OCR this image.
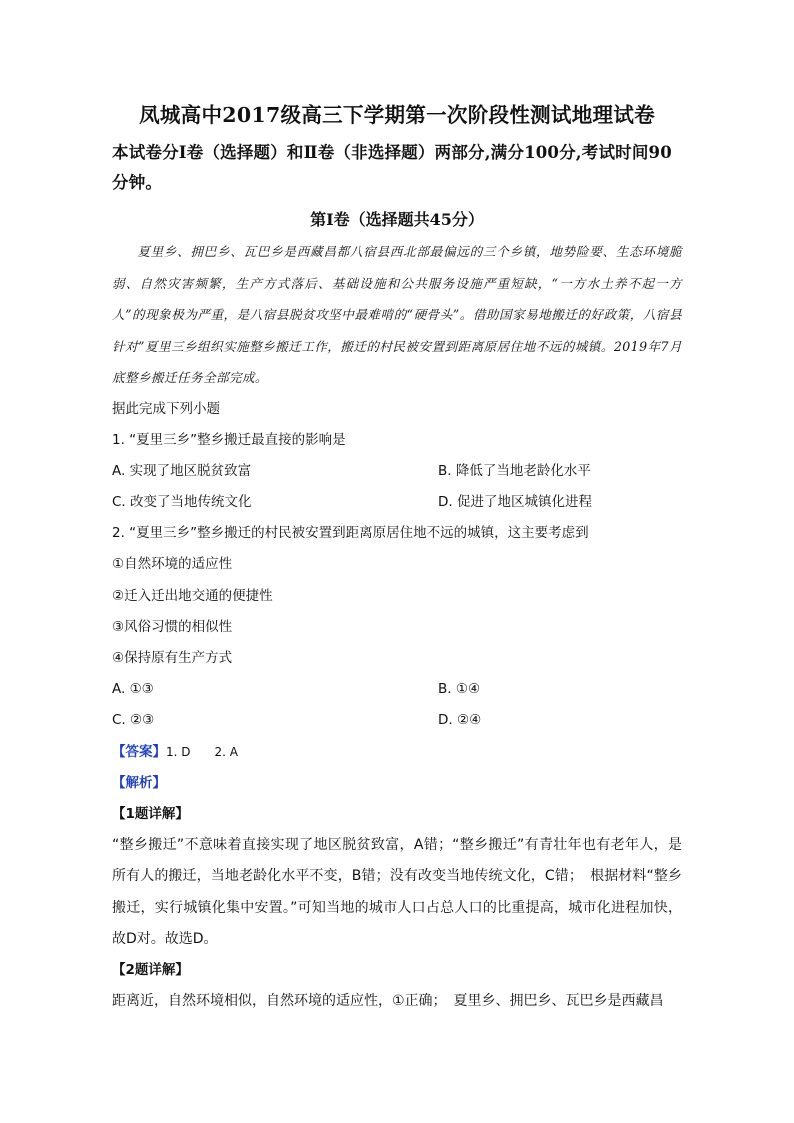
凤城高中2017级高三下学期第一次阶段性测试地理试卷

本试卷分Ⅰ卷（选择题）和Ⅱ卷（非选择题）两部分,满分100分,考试时间90分钟。

第Ⅰ卷（选择题共45分）

夏里乡、拥巴乡、瓦巴乡是西藏昌都八宿县西北部最偏远的三个乡镇，地势险要、生态环境脆弱、自然灾害频繁，生产方式落后、基础设施和公共服务设施严重短缺，“一方水土养不起一方人”的现象极为严重，是八宿县脱贫攻坚中最难啃的“硬骨头”。借助国家易地搬迁的好政策，八宿县针对”夏里三乡组织实施整乡搬迁工作，搬迁的村民被安置到距离原居住地不远的城镇。2019年7月底整乡搬迁任务全部完成。

据此完成下列小题

1. “夏里三乡”整乡搬迁最直接的影响是

A. 实现了地区脱贫致富	B. 降低了当地老龄化水平
C. 改变了当地传统文化	D. 促进了地区城镇化进程

2. “夏里三乡”整乡搬迁的村民被安置到距离原居住地不远的城镇，这主要考虑到

①自然环境的适应性

②迁入迁出地交通的便捷性

③风俗习惯的相似性

④保持原有生产方式

A. ①③	B. ①④
C. ②③	D. ②④

【答案】1. D　　2. A

【解析】

【1题详解】

“整乡搬迁”不意味着直接实现了地区脱贫致富，A错；“整乡搬迁”有青壮年也有老年人，是所有人的搬迁，当地老龄化水平不变，B错；没有改变当地传统文化，C错；　根据材料“整乡搬迁，实行城镇化集中安置。”可知当地的城市人口占总人口的比重提高，城市化进程加快，故D对。故选D。

【2题详解】

距离近，自然环境相似，自然环境的适应性，①正确；　夏里乡、拥巴乡、瓦巴乡是西藏昌
